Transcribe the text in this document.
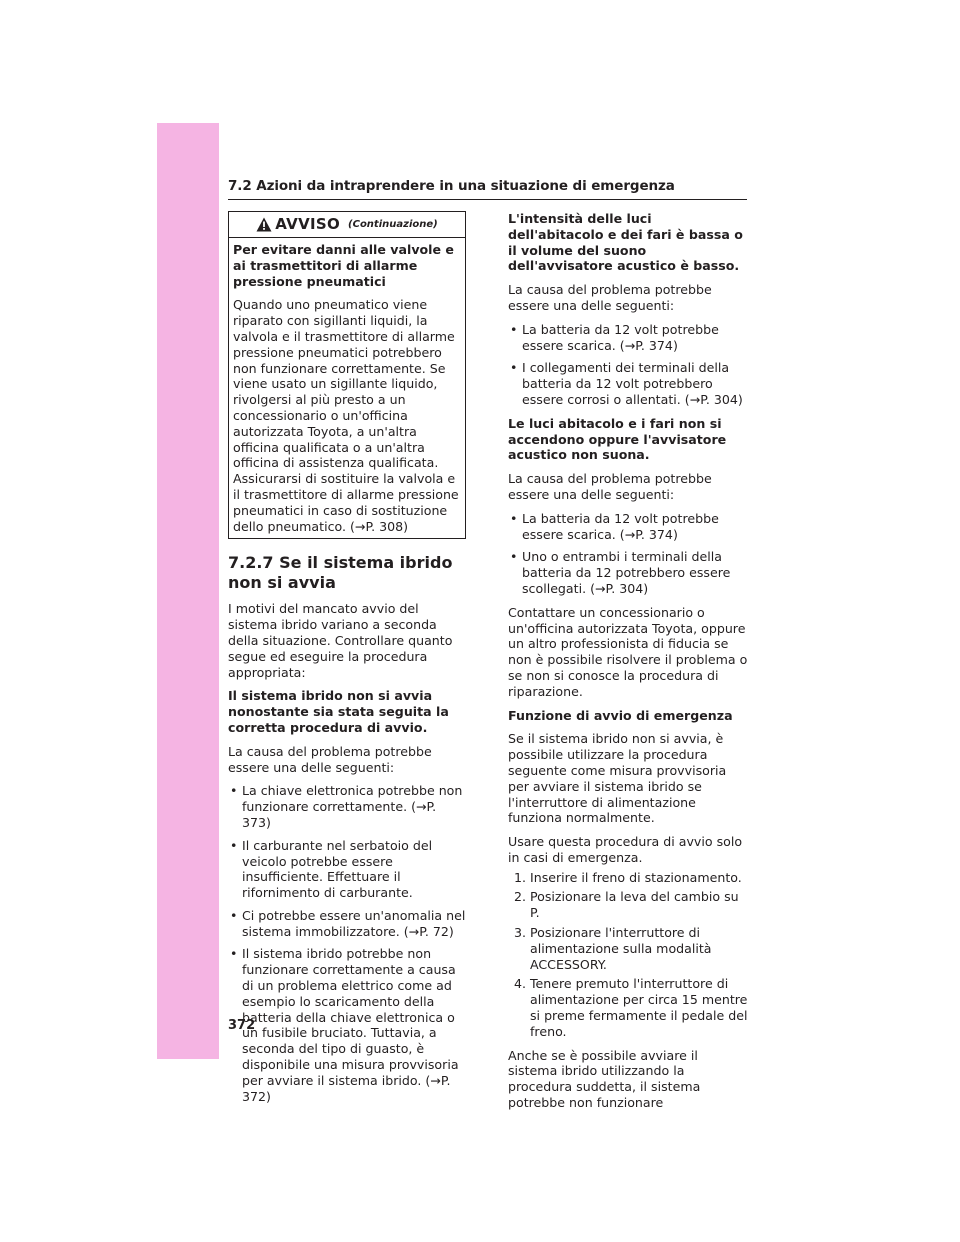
7.2 Azioni da intraprendere in una situazione di emergenza
AVVISO (Continuazione)

Per evitare danni alle valvole e ai trasmettitori di allarme pressione pneumatici

Quando uno pneumatico viene riparato con sigillanti liquidi, la valvola e il trasmettitore di allarme pressione pneumatici potrebbero non funzionare correttamente. Se viene usato un sigillante liquido, rivolgersi al più presto a un concessionario o un'officina autorizzata Toyota, a un'altra officina qualificata o a un'altra officina di assistenza qualificata. Assicurarsi di sostituire la valvola e il trasmettitore di allarme pressione pneumatici in caso di sostituzione dello pneumatico. (→P. 308)

7.2.7 Se il sistema ibrido non si avvia

I motivi del mancato avvio del sistema ibrido variano a seconda della situazione. Controllare quanto segue ed eseguire la procedura appropriata:

Il sistema ibrido non si avvia nonostante sia stata seguita la corretta procedura di avvio.

La causa del problema potrebbe essere una delle seguenti:

• La chiave elettronica potrebbe non funzionare correttamente. (→P. 373)
• Il carburante nel serbatoio del veicolo potrebbe essere insufficiente. Effettuare il rifornimento di carburante.
• Ci potrebbe essere un'anomalia nel sistema immobilizzatore. (→P. 72)
• Il sistema ibrido potrebbe non funzionare correttamente a causa di un problema elettrico come ad esempio lo scaricamento della batteria della chiave elettronica o un fusibile bruciato. Tuttavia, a seconda del tipo di guasto, è disponibile una misura provvisoria per avviare il sistema ibrido. (→P. 372)

L'intensità delle luci dell'abitacolo e dei fari è bassa o il volume del suono dell'avvisatore acustico è basso.

La causa del problema potrebbe essere una delle seguenti:

• La batteria da 12 volt potrebbe essere scarica. (→P. 374)
• I collegamenti dei terminali della batteria da 12 volt potrebbero essere corrosi o allentati. (→P. 304)

Le luci abitacolo e i fari non si accendono oppure l'avvisatore acustico non suona.

La causa del problema potrebbe essere una delle seguenti:

• La batteria da 12 volt potrebbe essere scarica. (→P. 374)
• Uno o entrambi i terminali della batteria da 12 potrebbero essere scollegati. (→P. 304)

Contattare un concessionario o un'officina autorizzata Toyota, oppure un altro professionista di fiducia se non è possibile risolvere il problema o se non si conosce la procedura di riparazione.

Funzione di avvio di emergenza

Se il sistema ibrido non si avvia, è possibile utilizzare la procedura seguente come misura provvisoria per avviare il sistema ibrido se l'interruttore di alimentazione funziona normalmente.

Usare questa procedura di avvio solo in casi di emergenza.

1. Inserire il freno di stazionamento.
2. Posizionare la leva del cambio su P.
3. Posizionare l'interruttore di alimentazione sulla modalità ACCESSORY.
4. Tenere premuto l'interruttore di alimentazione per circa 15 mentre si preme fermamente il pedale del freno.

Anche se è possibile avviare il sistema ibrido utilizzando la procedura suddetta, il sistema potrebbe non funzionare

372
